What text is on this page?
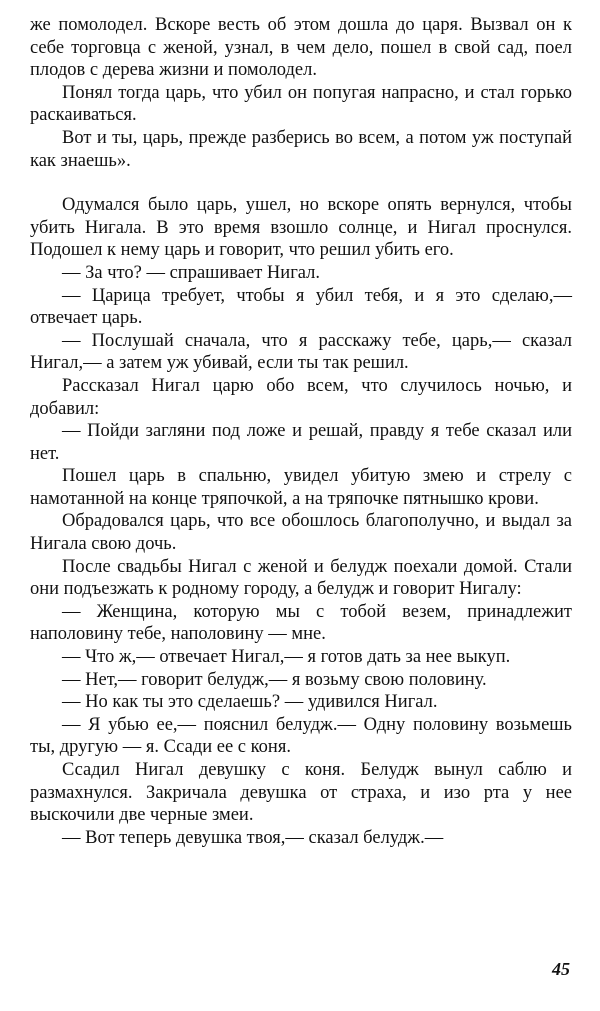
же помолодел. Вскоре весть об этом дошла до царя. Вызвал он к себе торговца с женой, узнал, в чем дело, пошел в свой сад, поел плодов с дерева жизни и помолодел.

Понял тогда царь, что убил он попугая напрасно, и стал горько раскаиваться.

Вот и ты, царь, прежде разберись во всем, а потом уж поступай как знаешь».

Одумался было царь, ушел, но вскоре опять вернулся, чтобы убить Нигала. В это время взошло солнце, и Нигал проснулся. Подошел к нему царь и говорит, что решил убить его.

— За что? — спрашивает Нигал.

— Царица требует, чтобы я убил тебя, и я это сделаю,— отвечает царь.

— Послушай сначала, что я расскажу тебе, царь,— сказал Нигал,— а затем уж убивай, если ты так решил.

Рассказал Нигал царю обо всем, что случилось ночью, и добавил:

— Пойди загляни под ложе и решай, правду я тебе сказал или нет.

Пошел царь в спальню, увидел убитую змею и стрелу с намотанной на конце тряпочкой, а на тряпочке пятнышко крови.

Обрадовался царь, что все обошлось благополучно, и выдал за Нигала свою дочь.

После свадьбы Нигал с женой и белудж поехали домой. Стали они подъезжать к родному городу, а белудж и говорит Нигалу:

— Женщина, которую мы с тобой везем, принадлежит наполовину тебе, наполовину — мне.

— Что ж,— отвечает Нигал,— я готов дать за нее выкуп.

— Нет,— говорит белудж,— я возьму свою половину.

— Но как ты это сделаешь? — удивился Нигал.

— Я убью ее,— пояснил белудж.— Одну половину возьмешь ты, другую — я. Ссади ее с коня.

Ссадил Нигал девушку с коня. Белудж вынул саблю и размахнулся. Закричала девушка от страха, и изо рта у нее выскочили две черные змеи.

— Вот теперь девушка твоя,— сказал белудж.—

45
